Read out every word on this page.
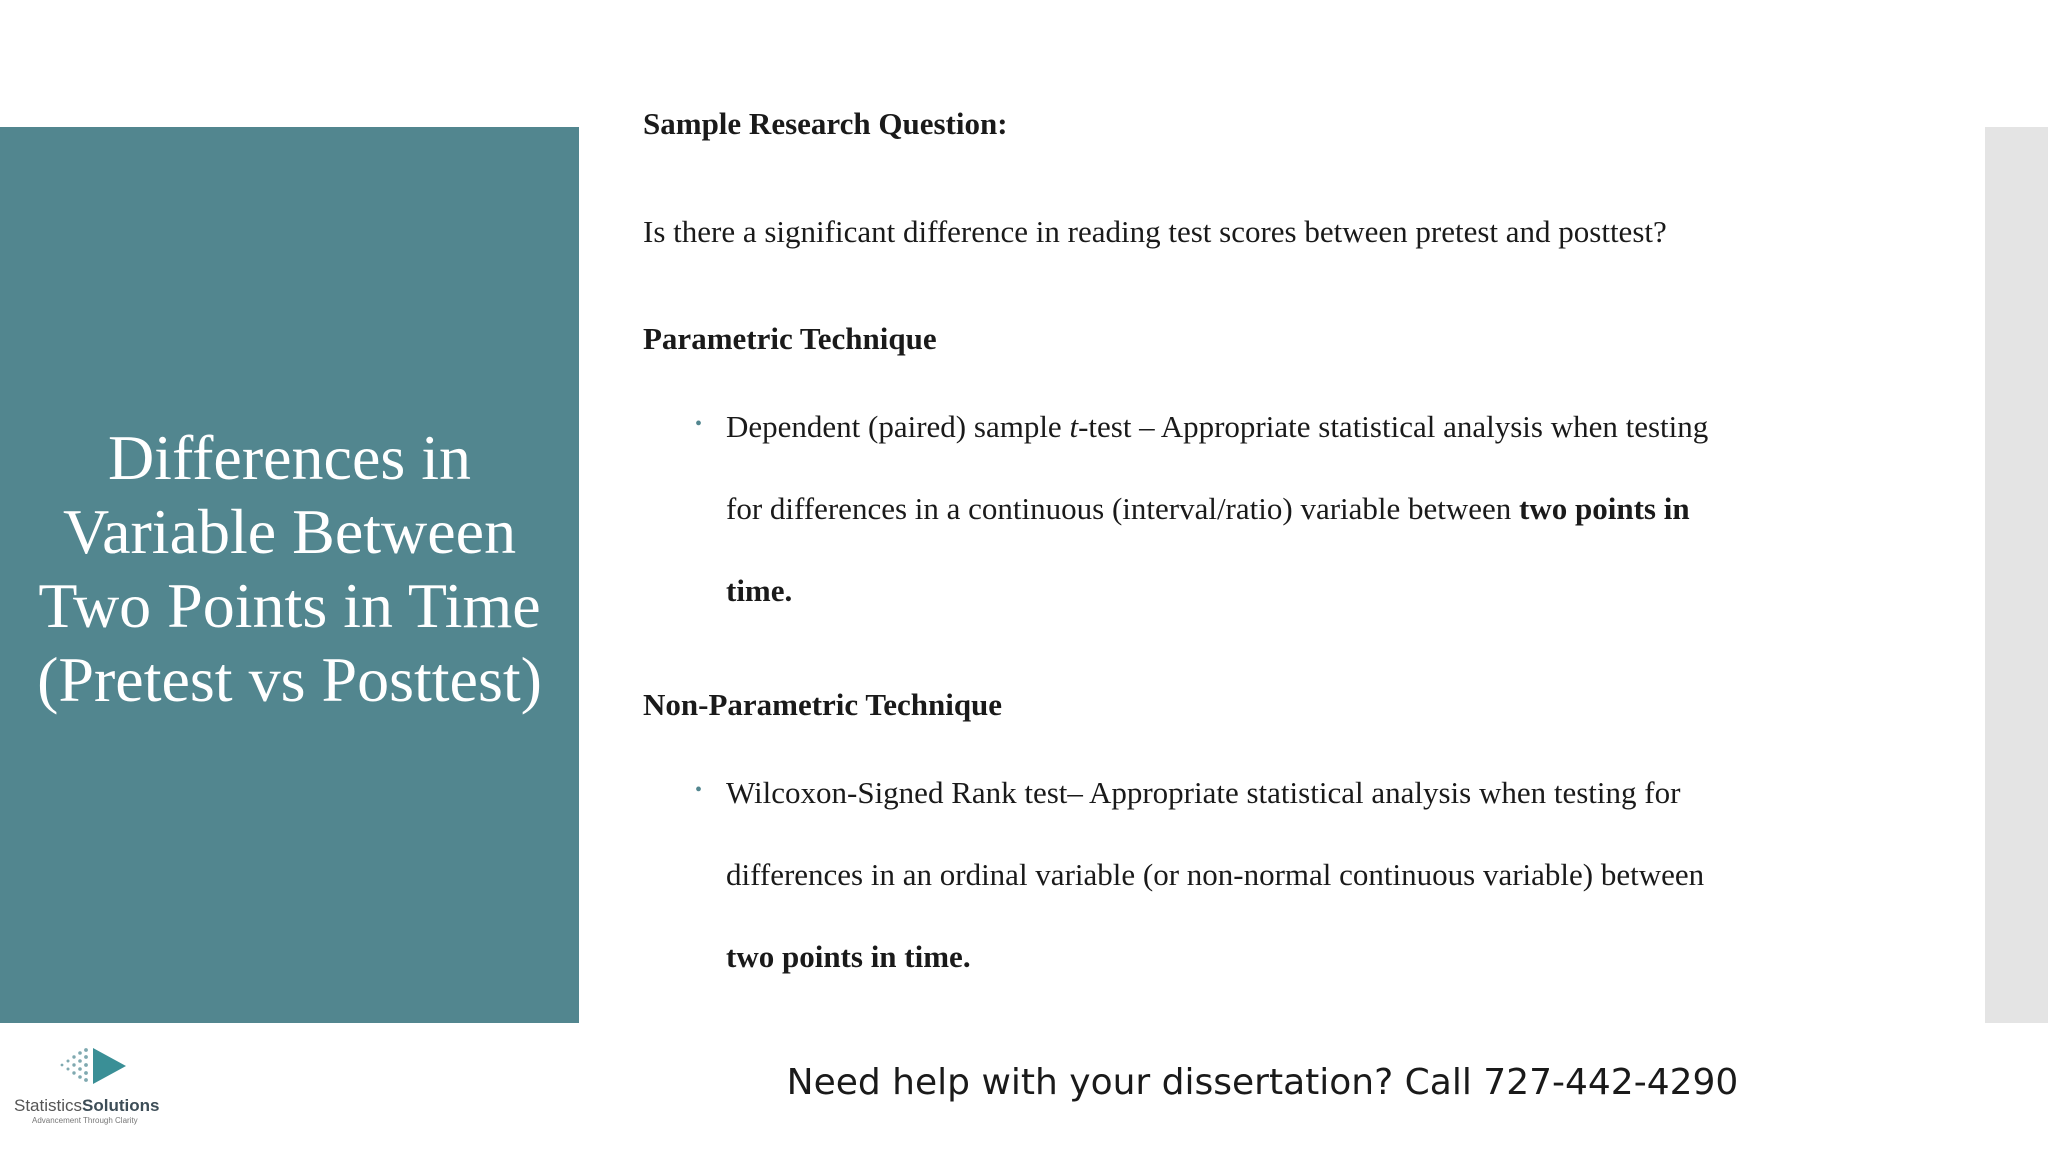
Differences in Variable Between Two Points in Time (Pretest vs Posttest)
Sample Research Question:
Is there a significant difference in reading test scores between pretest and posttest?
Parametric Technique
• Dependent (paired) sample t-test – Appropriate statistical analysis when testing
for differences in a continuous (interval/ratio) variable between two points in
time.
Non-Parametric Technique
• Wilcoxon-Signed Rank test– Appropriate statistical analysis when testing for
differences in an ordinal variable (or non-normal continuous variable) between
two points in time.
Need help with your dissertation? Call 727-442-4290
StatisticsSolutions
Advancement Through Clarity
